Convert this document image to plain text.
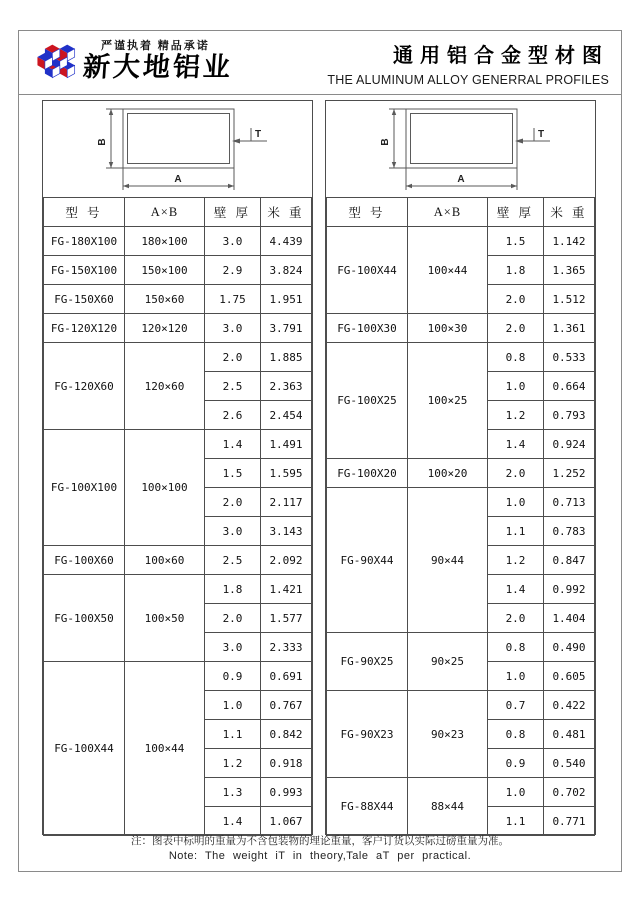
严谨执着 精品承诺
新大地铝业	通用铝合金型材图
THE ALUMINUM ALLOY GENERRAL PROFILES
B
A
T
型 号	A×B	壁 厚	米 重
FG-180X100	180×100	3.0	4.439
FG-150X100	150×100	2.9	3.824
FG-150X60	150×60	1.75	1.951
FG-120X120	120×120	3.0	3.791
FG-120X60	120×60	2.0	1.885
		2.5	2.363
		2.6	2.454
FG-100X100	100×100	1.4	1.491
		1.5	1.595
		2.0	2.117
		3.0	3.143
FG-100X60	100×60	2.5	2.092
FG-100X50	100×50	1.8	1.421
		2.0	1.577
		3.0	2.333
FG-100X44	100×44	0.9	0.691
		1.0	0.767
		1.1	0.842
		1.2	0.918
		1.3	0.993
		1.4	1.067
B
A
T
型 号	A×B	壁 厚	米 重
FG-100X44	100×44	1.5	1.142
		1.8	1.365
		2.0	1.512
FG-100X30	100×30	2.0	1.361
FG-100X25	100×25	0.8	0.533
		1.0	0.664
		1.2	0.793
		1.4	0.924
FG-100X20	100×20	2.0	1.252
FG-90X44	90×44	1.0	0.713
		1.1	0.783
		1.2	0.847
		1.4	0.992
		2.0	1.404
FG-90X25	90×25	0.8	0.490
		1.0	0.605
FG-90X23	90×23	0.7	0.422
		0.8	0.481
		0.9	0.540
FG-88X44	88×44	1.0	0.702
		1.1	0.771
注：图表中标明的重量为不含包装物的理论重量，客户订货以实际过磅重量为准。
Note: The weight iT in theory,Tale aT per practical.
